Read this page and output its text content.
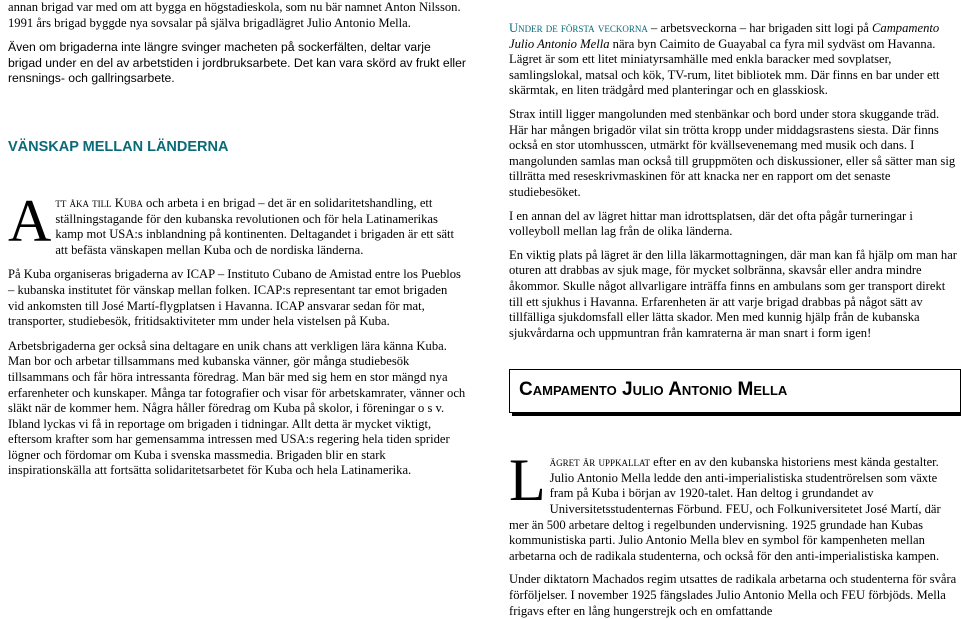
annan brigad var med om att bygga en högstadieskola, som nu bär namnet Anton Nilsson. 1991 års brigad byggde nya sovsalar på själva brigadlägret Julio Antonio Mella.

Även om brigaderna inte längre svinger macheten på sockerfälten, deltar varje brigad under en del av arbetstiden i jordbruksarbete. Det kan vara skörd av frukt eller rensnings- och gallringsarbete.

VÄNSKAP MELLAN LÄNDERNA

A tt åka till Kuba och arbeta i en brigad – det är en solidaritetshandling, ett ställningstagande för den kubanska revolutionen och för hela Latinamerikas kamp mot USA:s inblandning på kontinenten. Deltagandet i brigaden är ett sätt att befästa vänskapen mellan Kuba och de nordiska länderna.

På Kuba organiseras brigaderna av ICAP – Instituto Cubano de Amistad entre los Pueblos – kubanska institutet för vänskap mellan folken. ICAP:s representant tar emot brigaden vid ankomsten till José Martí-flygplatsen i Havanna. ICAP ansvarar sedan för mat, transporter, studiebesök, fritidsaktiviteter mm under hela vistelsen på Kuba.

Arbetsbrigaderna ger också sina deltagare en unik chans att verkligen lära känna Kuba. Man bor och arbetar tillsammans med kubanska vänner, gör många studiebesök tillsammans och får höra intressanta föredrag. Man bär med sig hem en stor mängd nya erfarenheter och kunskaper. Många tar fotografier och visar för arbetskamrater, vänner och släkt när de kommer hem. Några håller föredrag om Kuba på skolor, i föreningar o s v. Ibland lyckas vi få in reportage om brigaden i tidningar. Allt detta är mycket viktigt, eftersom krafter som har gemensamma intressen med USA:s regering hela tiden sprider lögner och fördomar om Kuba i svenska massmedia. Brigaden blir en stark inspirationskälla att fortsätta solidaritetsarbetet för Kuba och hela Latinamerika.

Under de första veckorna – arbetsveckorna – har brigaden sitt logi på Campamento Julio Antonio Mella nära byn Caimito de Guayabal ca fyra mil sydväst om Havanna. Lägret är som ett litet miniatyrsamhälle med enkla baracker med sovplatser, samlingslokal, matsal och kök, TV-rum, litet bibliotek mm. Där finns en bar under ett skärmtak, en liten trädgård med planteringar och en glasskiosk.

Strax intill ligger mangolunden med stenbänkar och bord under stora skuggande träd. Här har mången brigadör vilat sin trötta kropp under middagsrastens siesta. Där finns också en stor utomhusscen, utmärkt för kvällsevenemang med musik och dans. I mangolunden samlas man också till gruppmöten och diskussioner, eller så sätter man sig tillrätta med reseskrivmaskinen för att knacka ner en rapport om det senaste studiebesöket.

I en annan del av lägret hittar man idrottsplatsen, där det ofta pågår turneringar i volleyboll mellan lag från de olika länderna.

En viktig plats på lägret är den lilla läkarmottagningen, där man kan få hjälp om man har oturen att drabbas av sjuk mage, för mycket solbränna, skavsår eller andra mindre åkommor. Skulle något allvarligare inträffa finns en ambulans som ger transport direkt till ett sjukhus i Havanna. Erfarenheten är att varje brigad drabbas på något sätt av tillfälliga sjukdomsfall eller lätta skador. Men med kunnig hjälp från de kubanska sjukvårdarna och uppmuntran från kamraterna är man snart i form igen!

Campamento Julio Antonio Mella

L ägret är uppkallat efter en av den kubanska historiens mest kända gestalter. Julio Antonio Mella ledde den anti-imperialistiska studentrörelsen som växte fram på Kuba i början av 1920-talet. Han deltog i grundandet av Universitetsstudenternas Förbund. FEU, och Folkuniversitetet José Martí, där mer än 500 arbetare deltog i regelbunden undervisning. 1925 grundade han Kubas kommunistiska parti. Julio Antonio Mella blev en symbol för kampenheten mellan arbetarna och de radikala studenterna, och också för den anti-imperialistiska kampen.

Under diktatorn Machados regim utsattes de radikala arbetarna och studenterna för svåra förföljelser. I november 1925 fängslades Julio Antonio Mella och FEU förbjöds. Mella frigavs efter en lång hungerstrejk och en omfattande
